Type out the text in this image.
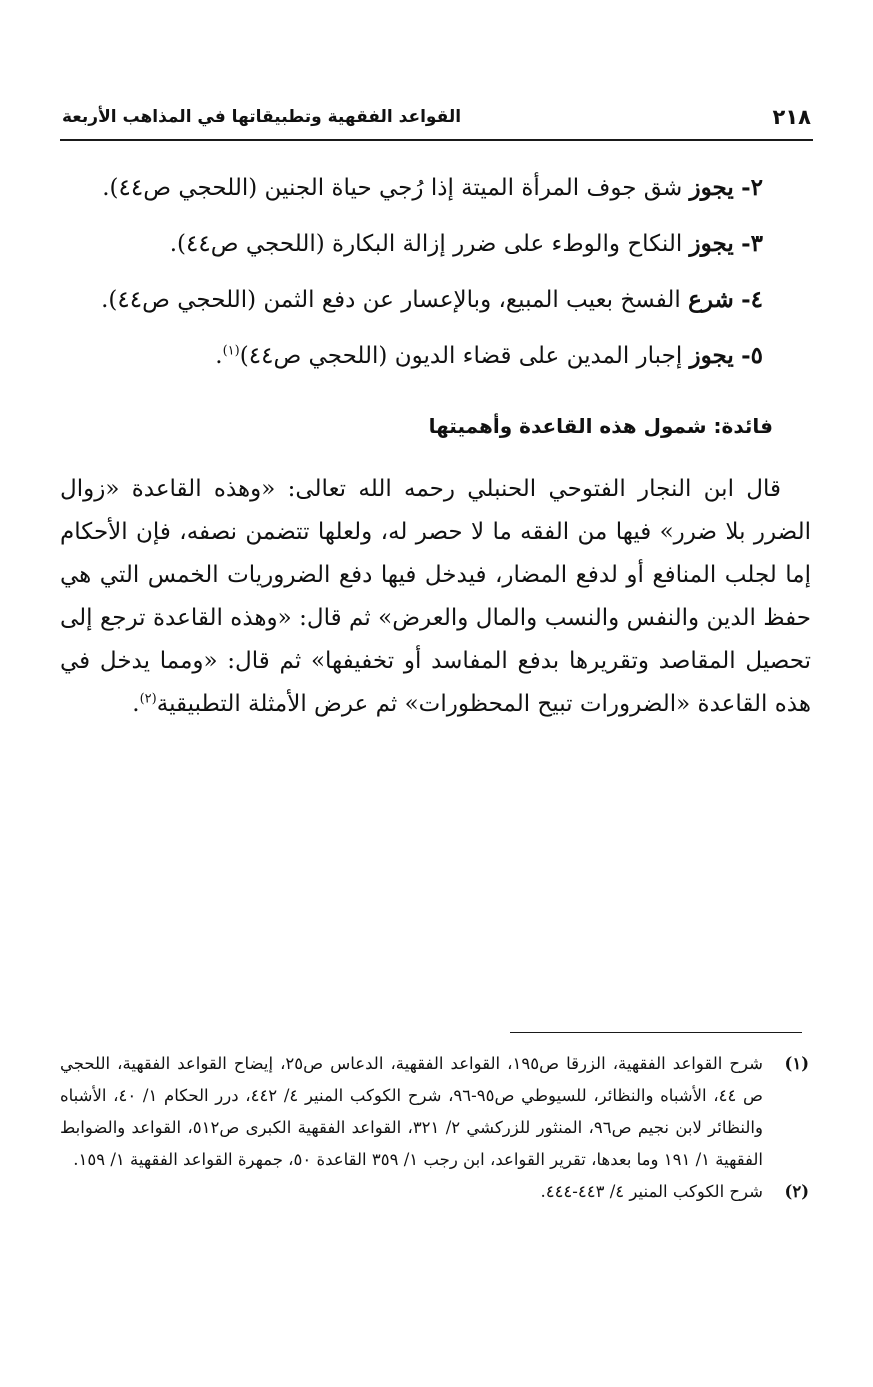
٢١٨
القواعد الفقهية وتطبيقاتها في المذاهب الأربعة
٢- يجوز شق جوف المرأة الميتة إذا رُجي حياة الجنين (اللحجي ص٤٤).
٣- يجوز النكاح والوطء على ضرر إزالة البكارة (اللحجي ص٤٤).
٤- شرع الفسخ بعيب المبيع، وبالإعسار عن دفع الثمن (اللحجي ص٤٤).
٥- يجوز إجبار المدين على قضاء الديون (اللحجي ص٤٤)$^{(١)}$.
فائدة: شمول هذه القاعدة وأهميتها

قال ابن النجار الفتوحي الحنبلي رحمه الله تعالى: «وهذه القاعدة «زوال الضرر بلا ضرر» فيها من الفقه ما لا حصر له، ولعلها تتضمن نصفه، فإن الأحكام إما لجلب المنافع أو لدفع المضار، فيدخل فيها دفع الضروريات الخمس التي هي حفظ الدين والنفس والنسب والمال والعرض» ثم قال: «وهذه القاعدة ترجع إلى تحصيل المقاصد وتقريرها بدفع المفاسد أو تخفيفها» ثم قال: «ومما يدخل في هذه القاعدة «الضرورات تبيح المحظورات» ثم عرض الأمثلة التطبيقية$^{(٢)}$.

(١)
شرح القواعد الفقهية، الزرقا ص١٩٥، القواعد الفقهية، الدعاس ص٢٥، إيضاح القواعد الفقهية، اللحجي ص ٤٤، الأشباه والنظائر، للسيوطي ص٩٥-٩٦، شرح الكوكب المنير ٤/ ٤٤٢، درر الحكام ١/ ٤٠، الأشباه والنظائر لابن نجيم ص٩٦، المنثور للزركشي ٢/ ٣٢١، القواعد الفقهية الكبرى ص٥١٢، القواعد والضوابط الفقهية ١/ ١٩١ وما بعدها، تقرير القواعد، ابن رجب ١/ ٣٥٩ القاعدة ٥٠، جمهرة القواعد الفقهية ١/ ١٥٩.
(٢)
شرح الكوكب المنير ٤/ ٤٤٣-٤٤٤.
